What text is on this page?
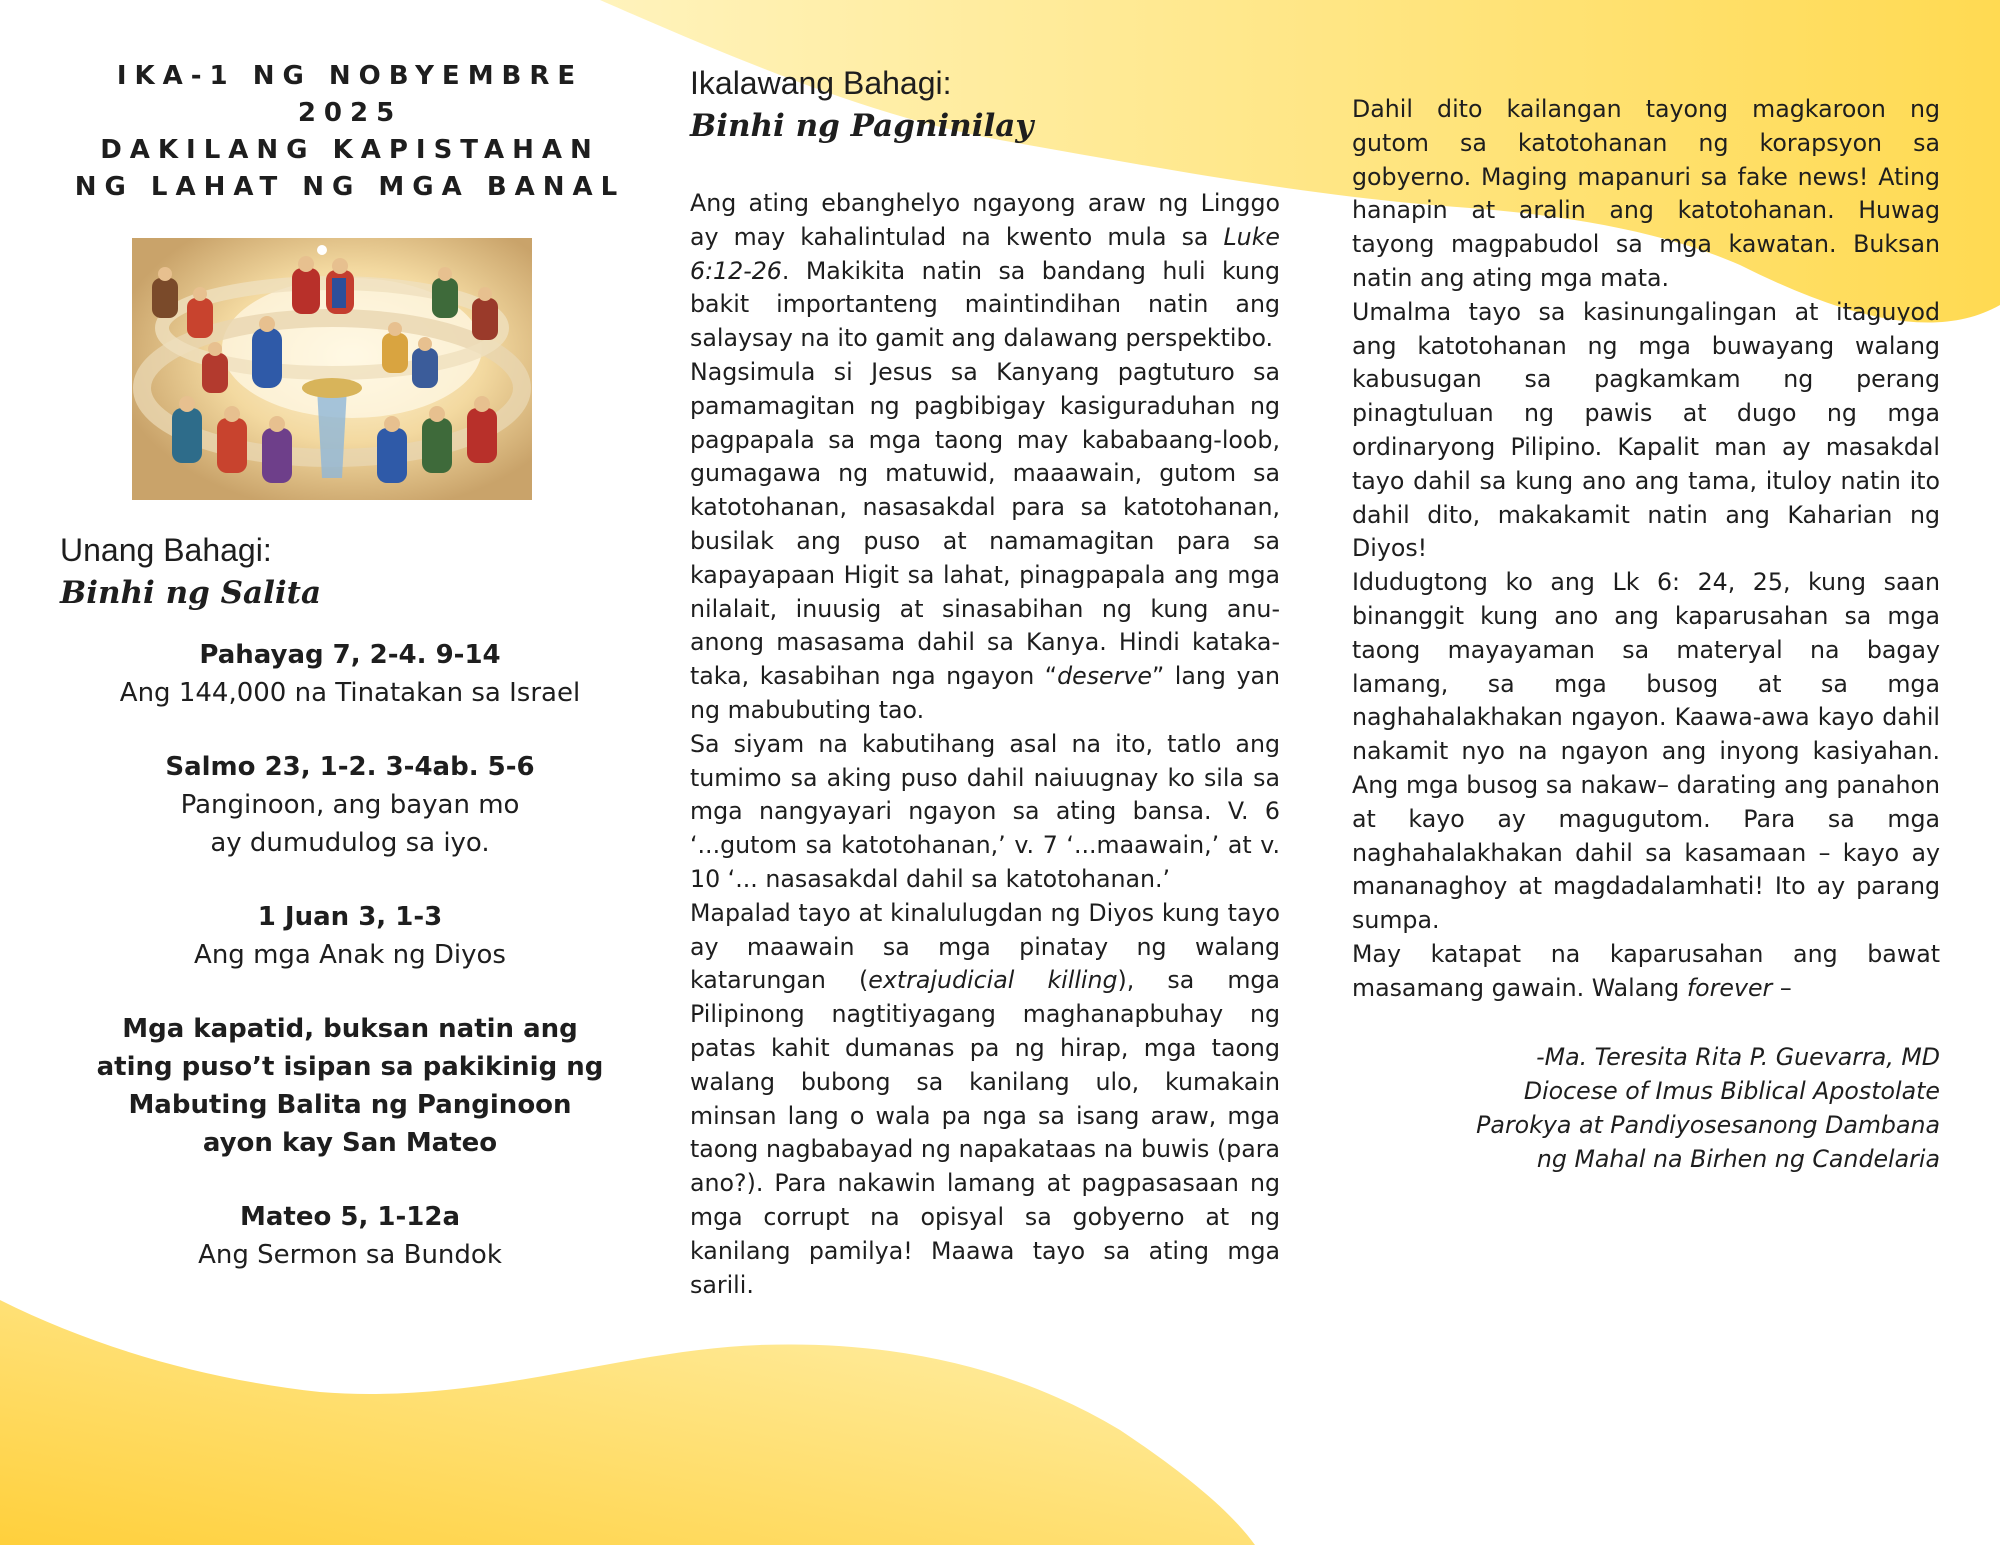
IKA-1 NG NOBYEMBRE

2025

DAKILANG KAPISTAHAN

NG LAHAT NG MGA BANAL

Unang Bahagi:

Binhi ng Salita

Pahayag 7, 2-4. 9-14
Ang 144,000 na Tinatakan sa Israel
Salmo 23, 1-2. 3-4ab. 5-6
Panginoon, ang bayan mo
ay dumudulog sa iyo.
1 Juan 3, 1-3
Ang mga Anak ng Diyos
Mga kapatid, buksan natin ang
ating puso’t isipan sa pakikinig ng
Mabuting Balita ng Panginoon
ayon kay San Mateo
Mateo 5, 1-12a
Ang Sermon sa Bundok

Ikalawang Bahagi:

Binhi ng Pagninilay

Ang ating ebanghelyo ngayong araw ng Linggo ay may kahalintulad na kwento mula sa Luke 6:12-26. Makikita natin sa bandang huli kung bakit importanteng maintindihan natin ang salaysay na ito gamit ang dalawang perspektibo.

Nagsimula si Jesus sa Kanyang pagtuturo sa pamamagitan ng pagbibigay kasiguraduhan ng pagpapala sa mga taong may kababaang-loob, gumagawa ng matuwid, maaawain, gutom sa katotohanan, nasasakdal para sa katotohanan, busilak ang puso at namamagitan para sa kapayapaan Higit sa lahat, pinagpapala ang mga nilalait, inuusig at sinasabihan ng kung anu-anong masasama dahil sa Kanya. Hindi kataka-taka, kasabihan nga ngayon “deserve” lang yan ng mabubuting tao.

Sa siyam na kabutihang asal na ito, tatlo ang tumimo sa aking puso dahil naiuugnay ko sila sa mga nangyayari ngayon sa ating bansa. V. 6 ‘...gutom sa katotohanan,’ v. 7 ‘...maawain,’ at v. 10 ‘... nasasakdal dahil sa katotohanan.’

Mapalad tayo at kinalulugdan ng Diyos kung tayo ay maawain sa mga pinatay ng walang katarungan (extrajudicial killing), sa mga Pilipinong nagtitiyagang maghanapbuhay ng patas kahit dumanas pa ng hirap, mga taong walang bubong sa kanilang ulo, kumakain minsan lang o wala pa nga sa isang araw, mga taong nagbabayad ng napakataas na buwis (para ano?). Para nakawin lamang at pagpasasaan ng mga corrupt na opisyal sa gobyerno at ng kanilang pamilya! Maawa tayo sa ating mga sarili.

Dahil dito kailangan tayong magkaroon ng gutom sa katotohanan ng korapsyon sa gobyerno. Maging mapanuri sa fake news! Ating hanapin at aralin ang katotohanan. Huwag tayong magpabudol sa mga kawatan. Buksan natin ang ating mga mata.

Umalma tayo sa kasinungalingan at itaguyod ang katotohanan ng mga buwayang walang kabusugan sa pagkamkam ng perang pinagtuluan ng pawis at dugo ng mga ordinaryong Pilipino. Kapalit man ay masakdal tayo dahil sa kung ano ang tama, ituloy natin ito dahil dito, makakamit natin ang Kaharian ng Diyos!

Idudugtong ko ang Lk 6: 24, 25, kung saan binanggit kung ano ang kaparusahan sa mga taong mayayaman sa materyal na bagay lamang, sa mga busog at sa mga naghahalakhakan ngayon. Kaawa-awa kayo dahil nakamit nyo na ngayon ang inyong kasiyahan. Ang mga busog sa nakaw– darating ang panahon at kayo ay magugutom. Para sa mga naghahalakhakan dahil sa kasamaan – kayo ay mananaghoy at magdadalamhati! Ito ay parang sumpa.

May katapat na kaparusahan ang bawat masamang gawain. Walang forever –

-Ma. Teresita Rita P. Guevarra, MD
Diocese of Imus Biblical Apostolate
Parokya at Pandiyosesanong Dambana
ng Mahal na Birhen ng Candelaria
